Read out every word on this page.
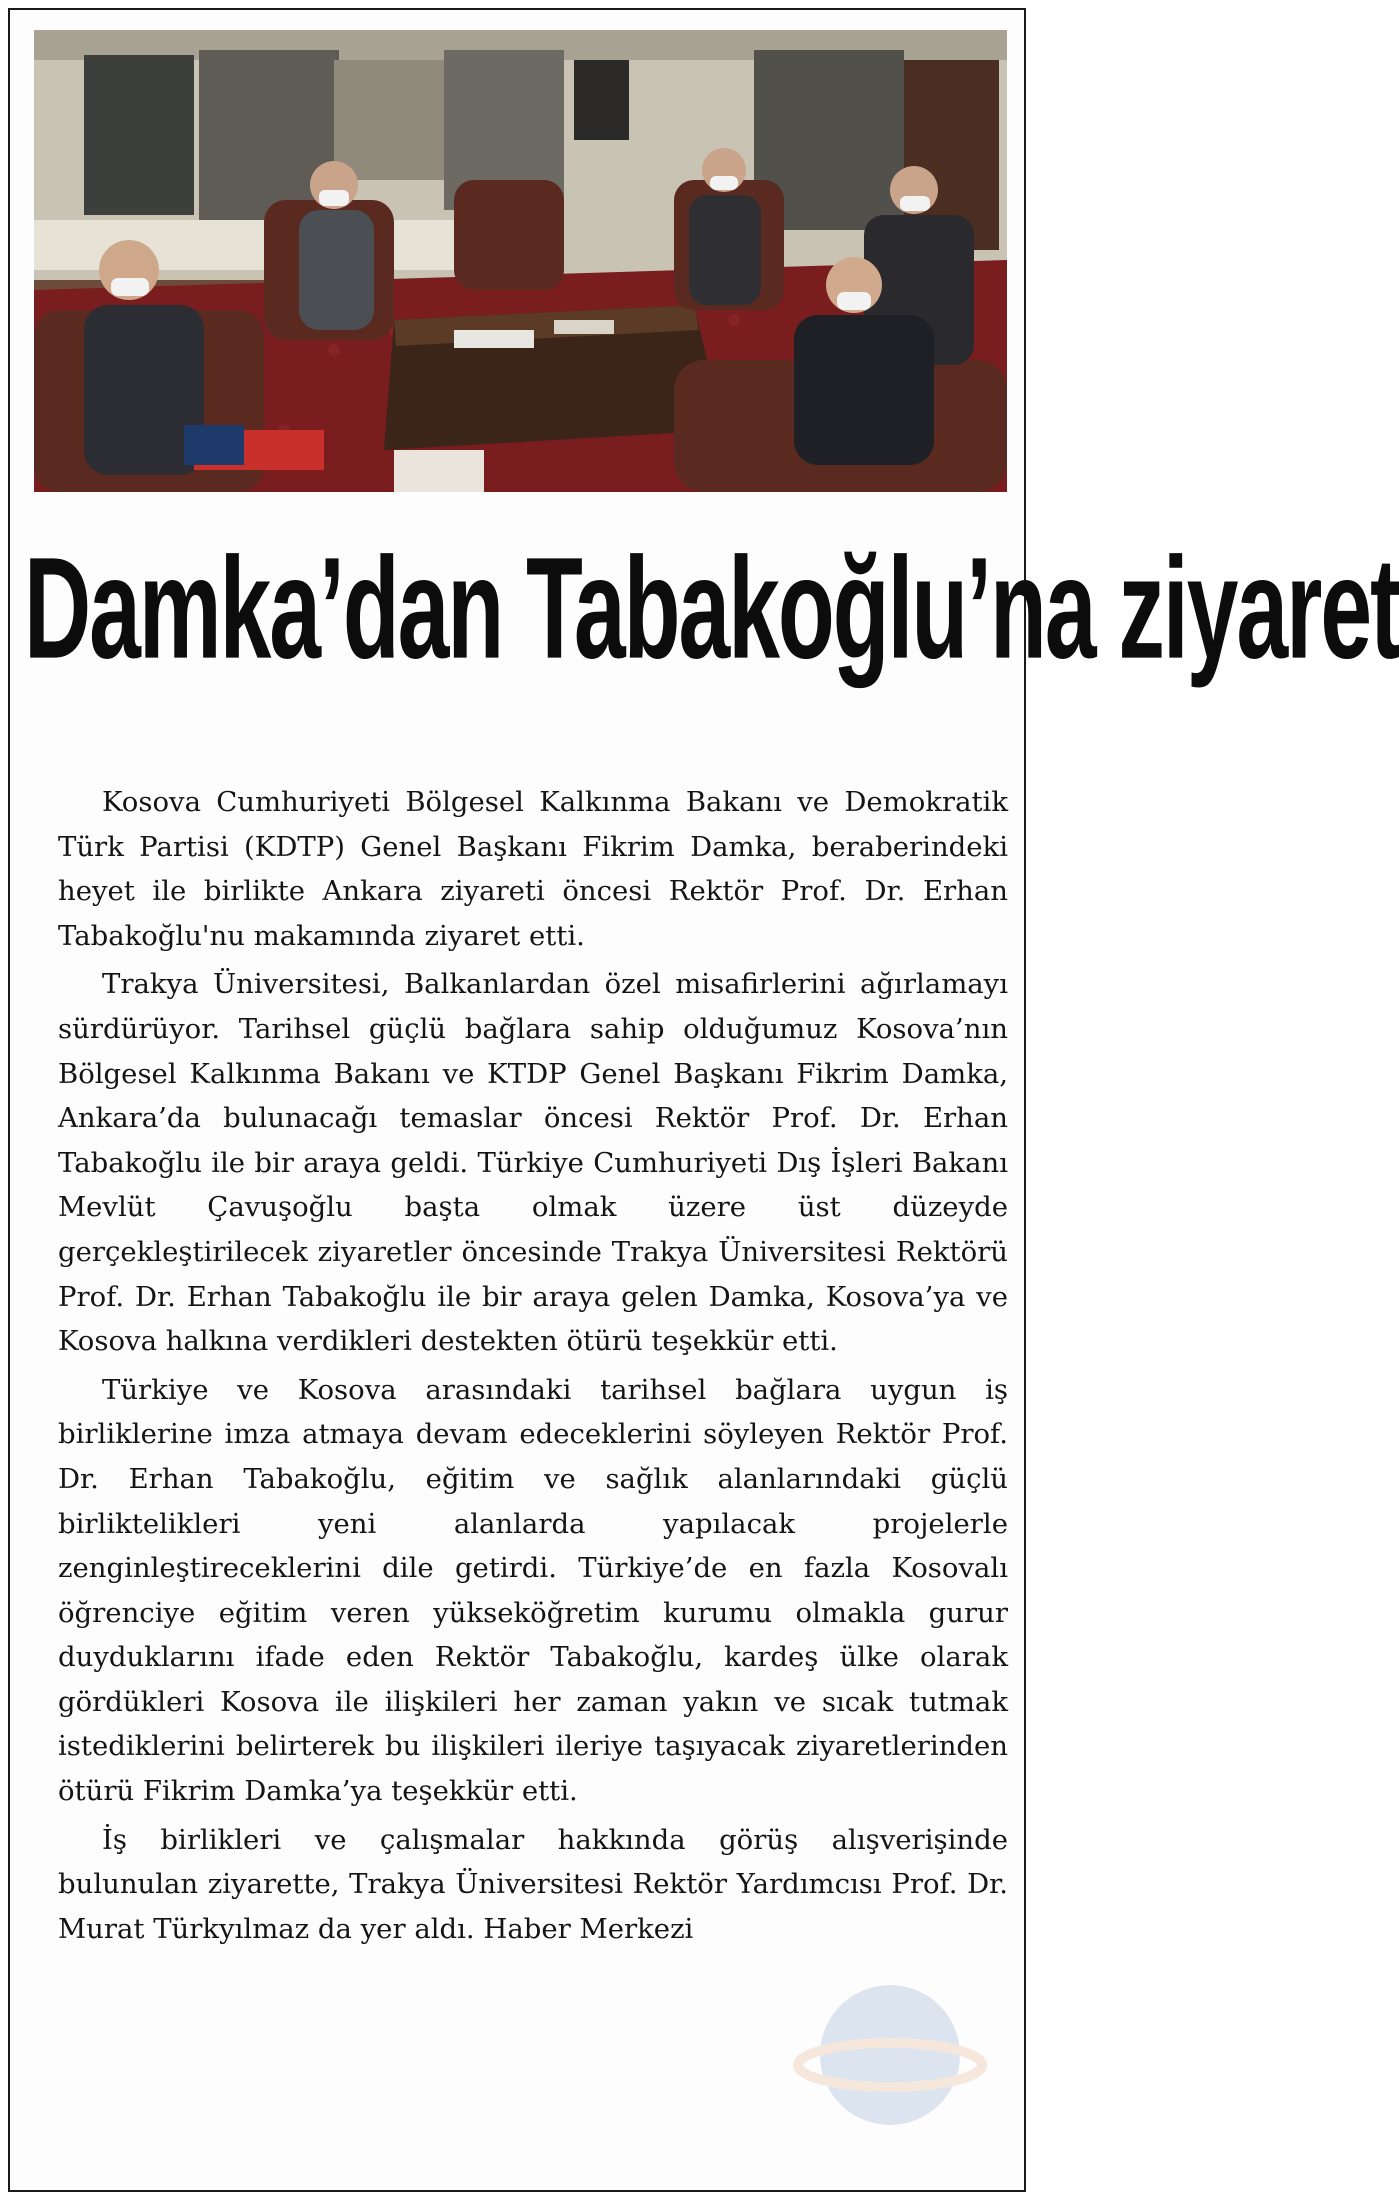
Damka’dan Tabakoğlu’na ziyaret

Kosova Cumhuriyeti Bölgesel Kalkınma Bakanı ve Demokratik Türk Partisi (KDTP) Genel Başkanı Fikrim Damka, beraberindeki heyet ile birlikte Ankara ziyareti öncesi Rektör Prof. Dr. Erhan Tabakoğlu'nu makamında ziyaret etti.

Trakya Üniversitesi, Balkanlardan özel misafirlerini ağırlamayı sürdürüyor. Tarihsel güçlü bağlara sahip olduğumuz Kosova’nın Bölgesel Kalkınma Bakanı ve KTDP Genel Başkanı Fikrim Damka, Ankara’da bulunacağı temaslar öncesi Rektör Prof. Dr. Erhan Tabakoğlu ile bir araya geldi. Türkiye Cumhuriyeti Dış İşleri Bakanı Mevlüt Çavuşoğlu başta olmak üzere üst düzeyde gerçekleştirilecek ziyaretler öncesinde Trakya Üniversitesi Rektörü Prof. Dr. Erhan Tabakoğlu ile bir araya gelen Damka, Kosova’ya ve Kosova halkına verdikleri destekten ötürü teşekkür etti.

Türkiye ve Kosova arasındaki tarihsel bağlara uygun iş birliklerine imza atmaya devam edeceklerini söyleyen Rektör Prof. Dr. Erhan Tabakoğlu, eğitim ve sağlık alanlarındaki güçlü birliktelikleri yeni alanlarda yapılacak projelerle zenginleştireceklerini dile getirdi. Türkiye’de en fazla Kosovalı öğrenciye eğitim veren yükseköğretim kurumu olmakla gurur duyduklarını ifade eden Rektör Tabakoğlu, kardeş ülke olarak gördükleri Kosova ile ilişkileri her zaman yakın ve sıcak tutmak istediklerini belirterek bu ilişkileri ileriye taşıyacak ziyaretlerinden ötürü Fikrim Damka’ya teşekkür etti.

İş birlikleri ve çalışmalar hakkında görüş alışverişinde bulunulan ziyarette, Trakya Üniversitesi Rektör Yardımcısı Prof. Dr. Murat Türkyılmaz da yer aldı. Haber Merkezi
